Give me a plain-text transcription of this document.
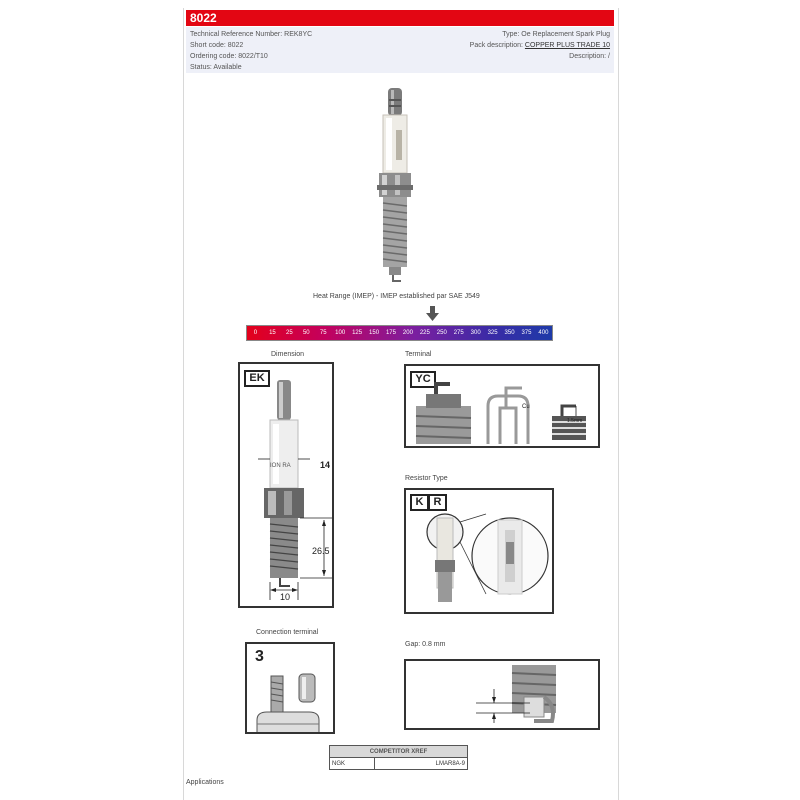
8022
Technical Reference Number: REK8YC
Short code: 8022
Ordering code: 8022/T10
Status: Available
Type: Oe Replacement Spark Plug
Pack description: COPPER PLUS TRADE 10
Description: /
Heat Range (IMEP) - IMEP established par SAE J549
0	15	25	50	75	100	125	150	175	200	225	250	275	300	325	350	375	400
Dimension	Terminal
EK
ION RA	14
26.5
10
YC
Cu
1.5mm
Resistor Type
K R
Connection terminal
3
Gap: 0.8 mm
COMPETITOR XREF
NGK	LMAR8A-9
Applications
